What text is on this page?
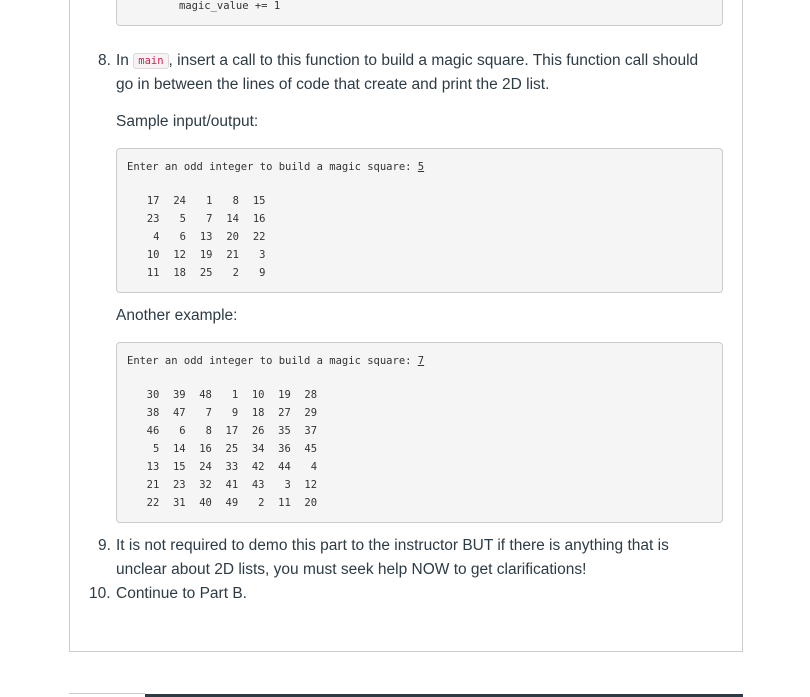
magic_value += 1
8. In main , insert a call to this function to build a magic square. This function call should
go in between the lines of code that create and print the 2D list.
Sample input/output:
Enter an odd integer to build a magic square: 5
17	24	1	8	15
23	5	7	14	16
4	6	13	20	22
10	12	19	21	3
11	18	25	2	9
Another example:
Enter an odd integer to build a magic square: 7
30	39	48	1	10	19	28
38	47	7	9	18	27	29
46	6	8	17	26	35	37
5	14	16	25	34	36	45
13	15	24	33	42	44	4
21	23	32	41	43	3	12
22	31	40	49	2	11	20
9. It is not required to demo this part to the instructor BUT if there is anything that is
unclear about 2D lists, you must seek help NOW to get clarifications!
10. Continue to Part B.
